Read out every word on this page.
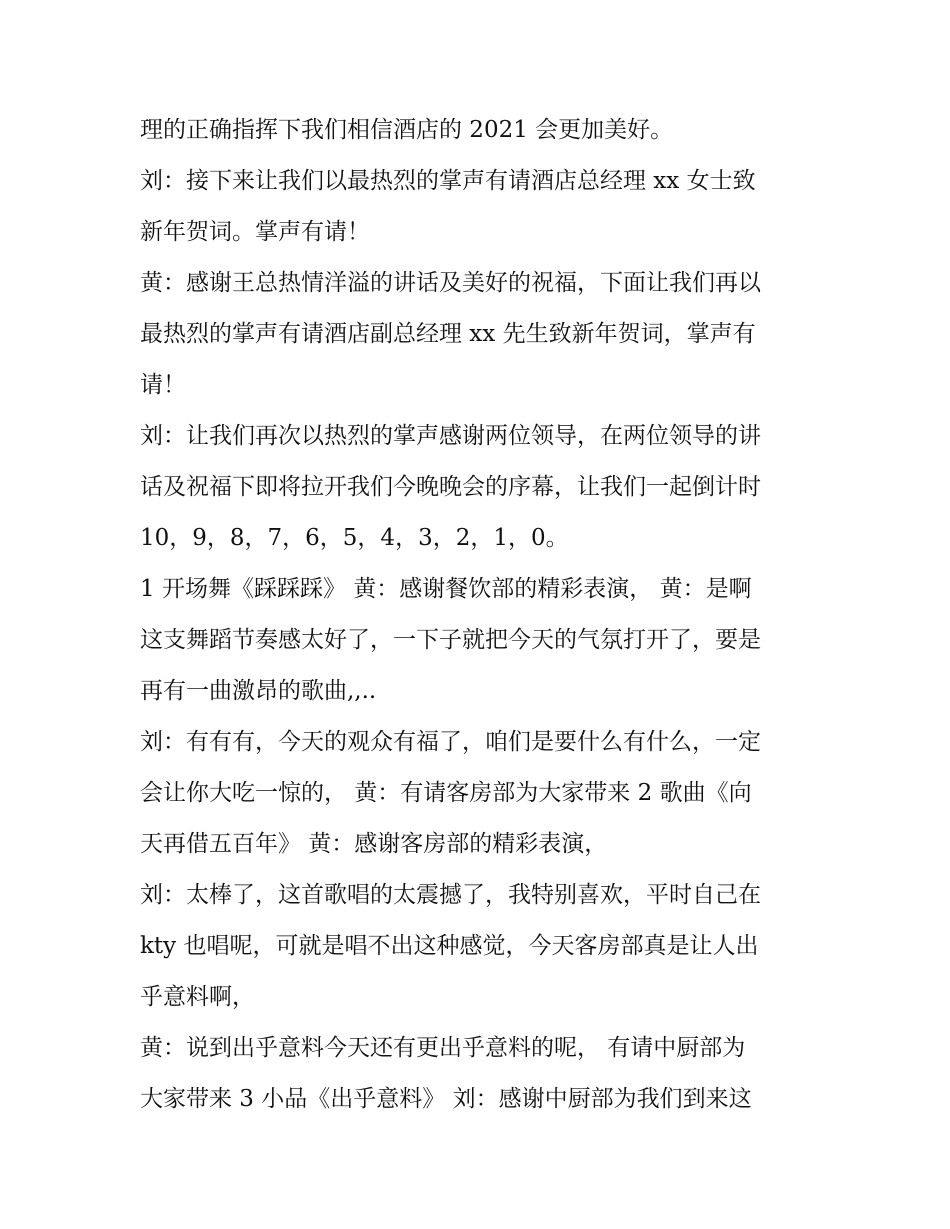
理的正确指挥下我们相信酒店的 2021 会更加美好。
刘：接下来让我们以最热烈的掌声有请酒店总经理 xx 女士致
新年贺词。掌声有请！
黄：感谢王总热情洋溢的讲话及美好的祝福，下面让我们再以
最热烈的掌声有请酒店副总经理 xx 先生致新年贺词，掌声有
请！
刘：让我们再次以热烈的掌声感谢两位领导，在两位领导的讲
话及祝福下即将拉开我们今晚晚会的序幕，让我们一起倒计时
10，9，8，7，6，5，4，3，2，1，0。
1 开场舞《踩踩踩》 黄：感谢餐饮部的精彩表演， 黄：是啊
这支舞蹈节奏感太好了，一下子就把今天的气氛打开了，要是
再有一曲激昂的歌曲,,..
刘：有有有，今天的观众有福了，咱们是要什么有什么，一定
会让你大吃一惊的， 黄：有请客房部为大家带来 2 歌曲《向
天再借五百年》 黄：感谢客房部的精彩表演，
刘：太棒了，这首歌唱的太震撼了，我特别喜欢，平时自己在
kty 也唱呢，可就是唱不出这种感觉，今天客房部真是让人出
乎意料啊，
黄：说到出乎意料今天还有更出乎意料的呢， 有请中厨部为
大家带来 3 小品《出乎意料》 刘：感谢中厨部为我们到来这
